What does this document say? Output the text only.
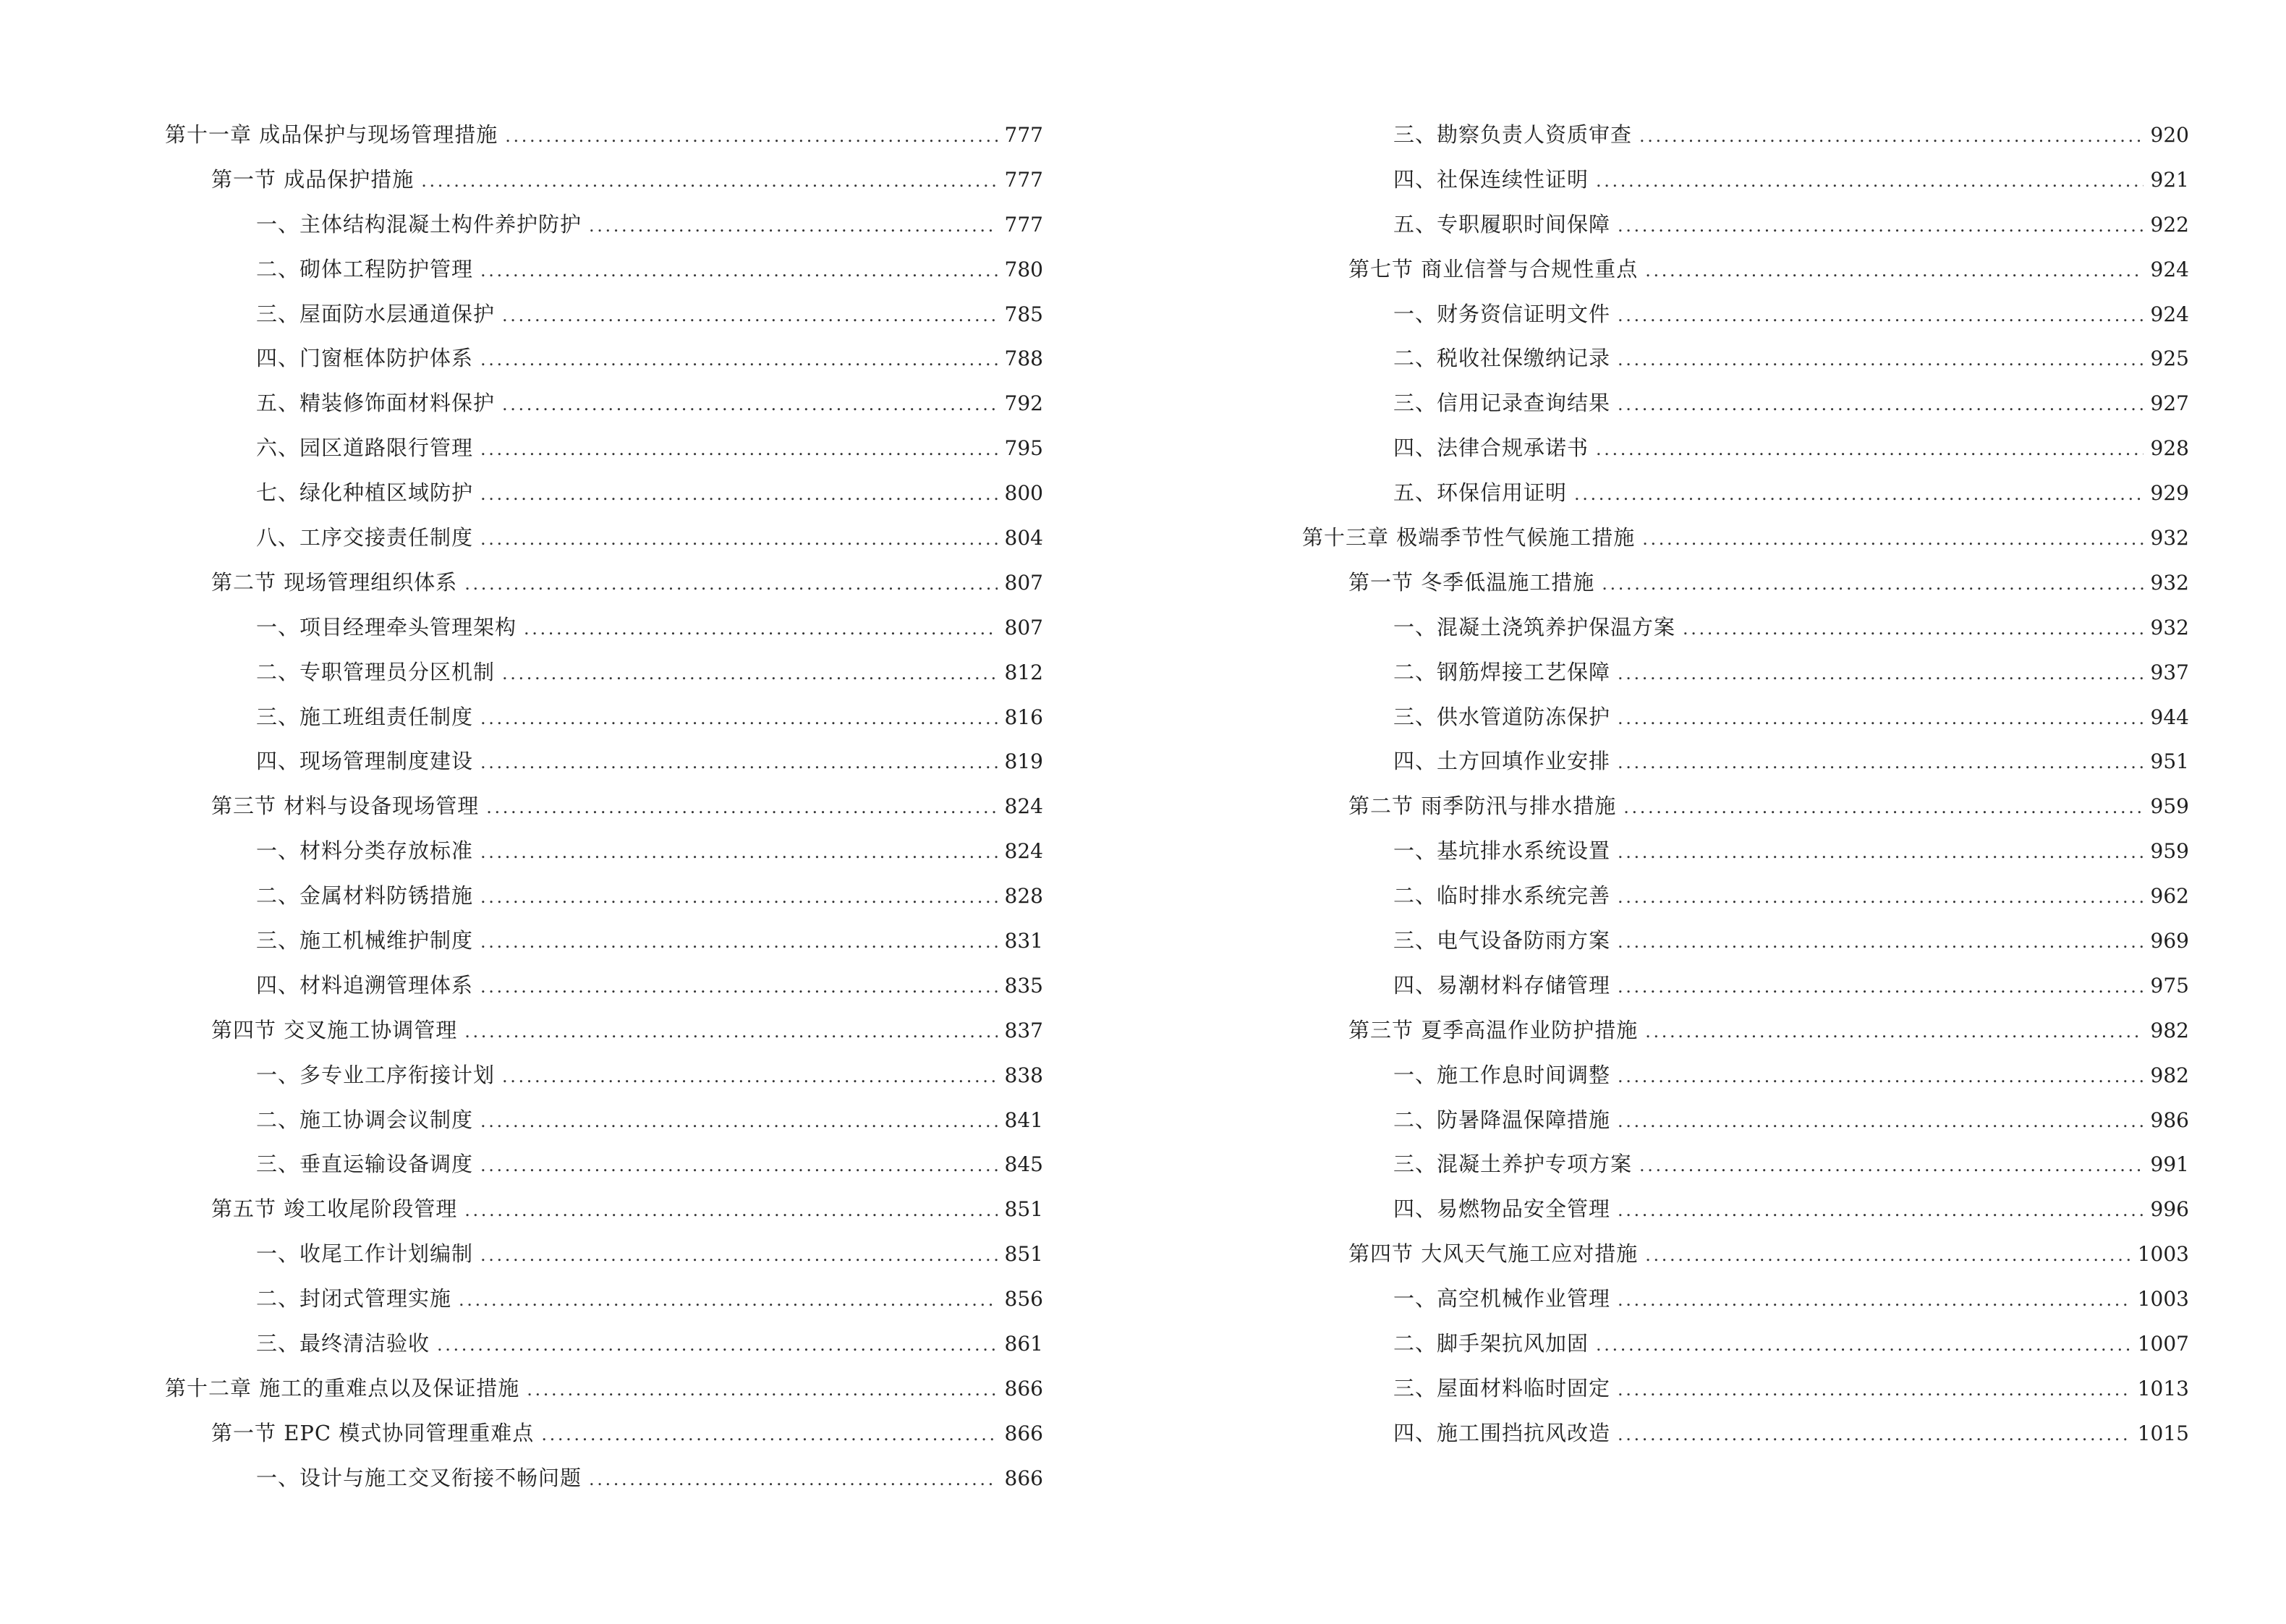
第十一章 成品保护与现场管理措施 . . .	777
第一节 成品保护措施 . . .	777
一、主体结构混凝土构件养护防护 . . .	777
二、砌体工程防护管理 . . .	780
三、屋面防水层通道保护 . . .	785
四、门窗框体防护体系 . . .	788
五、精装修饰面材料保护 . . .	792
六、园区道路限行管理 . . .	795
七、绿化种植区域防护 . . .	800
八、工序交接责任制度 . . .	804
第二节 现场管理组织体系 . . .	807
一、项目经理牵头管理架构 . . .	807
二、专职管理员分区机制 . . .	812
三、施工班组责任制度 . . .	816
四、现场管理制度建设 . . .	819
第三节 材料与设备现场管理 . . .	824
一、材料分类存放标准 . . .	824
二、金属材料防锈措施 . . .	828
三、施工机械维护制度 . . .	831
四、材料追溯管理体系 . . .	835
第四节 交叉施工协调管理 . . .	837
一、多专业工序衔接计划 . . .	838
二、施工协调会议制度 . . .	841
三、垂直运输设备调度 . . .	845
第五节 竣工收尾阶段管理 . . .	851
一、收尾工作计划编制 . . .	851
二、封闭式管理实施 . . .	856
三、最终清洁验收 . . .	861
第十二章 施工的重难点以及保证措施 . . .	866
第一节 EPC 模式协同管理重难点 . . .	866
一、设计与施工交叉衔接不畅问题 . . .	866
三、勘察负责人资质审查 . . .	920
四、社保连续性证明 . . .	921
五、专职履职时间保障 . . .	922
第七节 商业信誉与合规性重点 . . .	924
一、财务资信证明文件 . . .	924
二、税收社保缴纳记录 . . .	925
三、信用记录查询结果 . . .	927
四、法律合规承诺书 . . .	928
五、环保信用证明 . . .	929
第十三章 极端季节性气候施工措施 . . .	932
第一节 冬季低温施工措施 . . .	932
一、混凝土浇筑养护保温方案 . . .	932
二、钢筋焊接工艺保障 . . .	937
三、供水管道防冻保护 . . .	944
四、土方回填作业安排 . . .	951
第二节 雨季防汛与排水措施 . . .	959
一、基坑排水系统设置 . . .	959
二、临时排水系统完善 . . .	962
三、电气设备防雨方案 . . .	969
四、易潮材料存储管理 . . .	975
第三节 夏季高温作业防护措施 . . .	982
一、施工作息时间调整 . . .	982
二、防暑降温保障措施 . . .	986
三、混凝土养护专项方案 . . .	991
四、易燃物品安全管理 . . .	996
第四节 大风天气施工应对措施 . . .	1003
一、高空机械作业管理 . . .	1003
二、脚手架抗风加固 . . .	1007
三、屋面材料临时固定 . . .	1013
四、施工围挡抗风改造 . . .	1015
